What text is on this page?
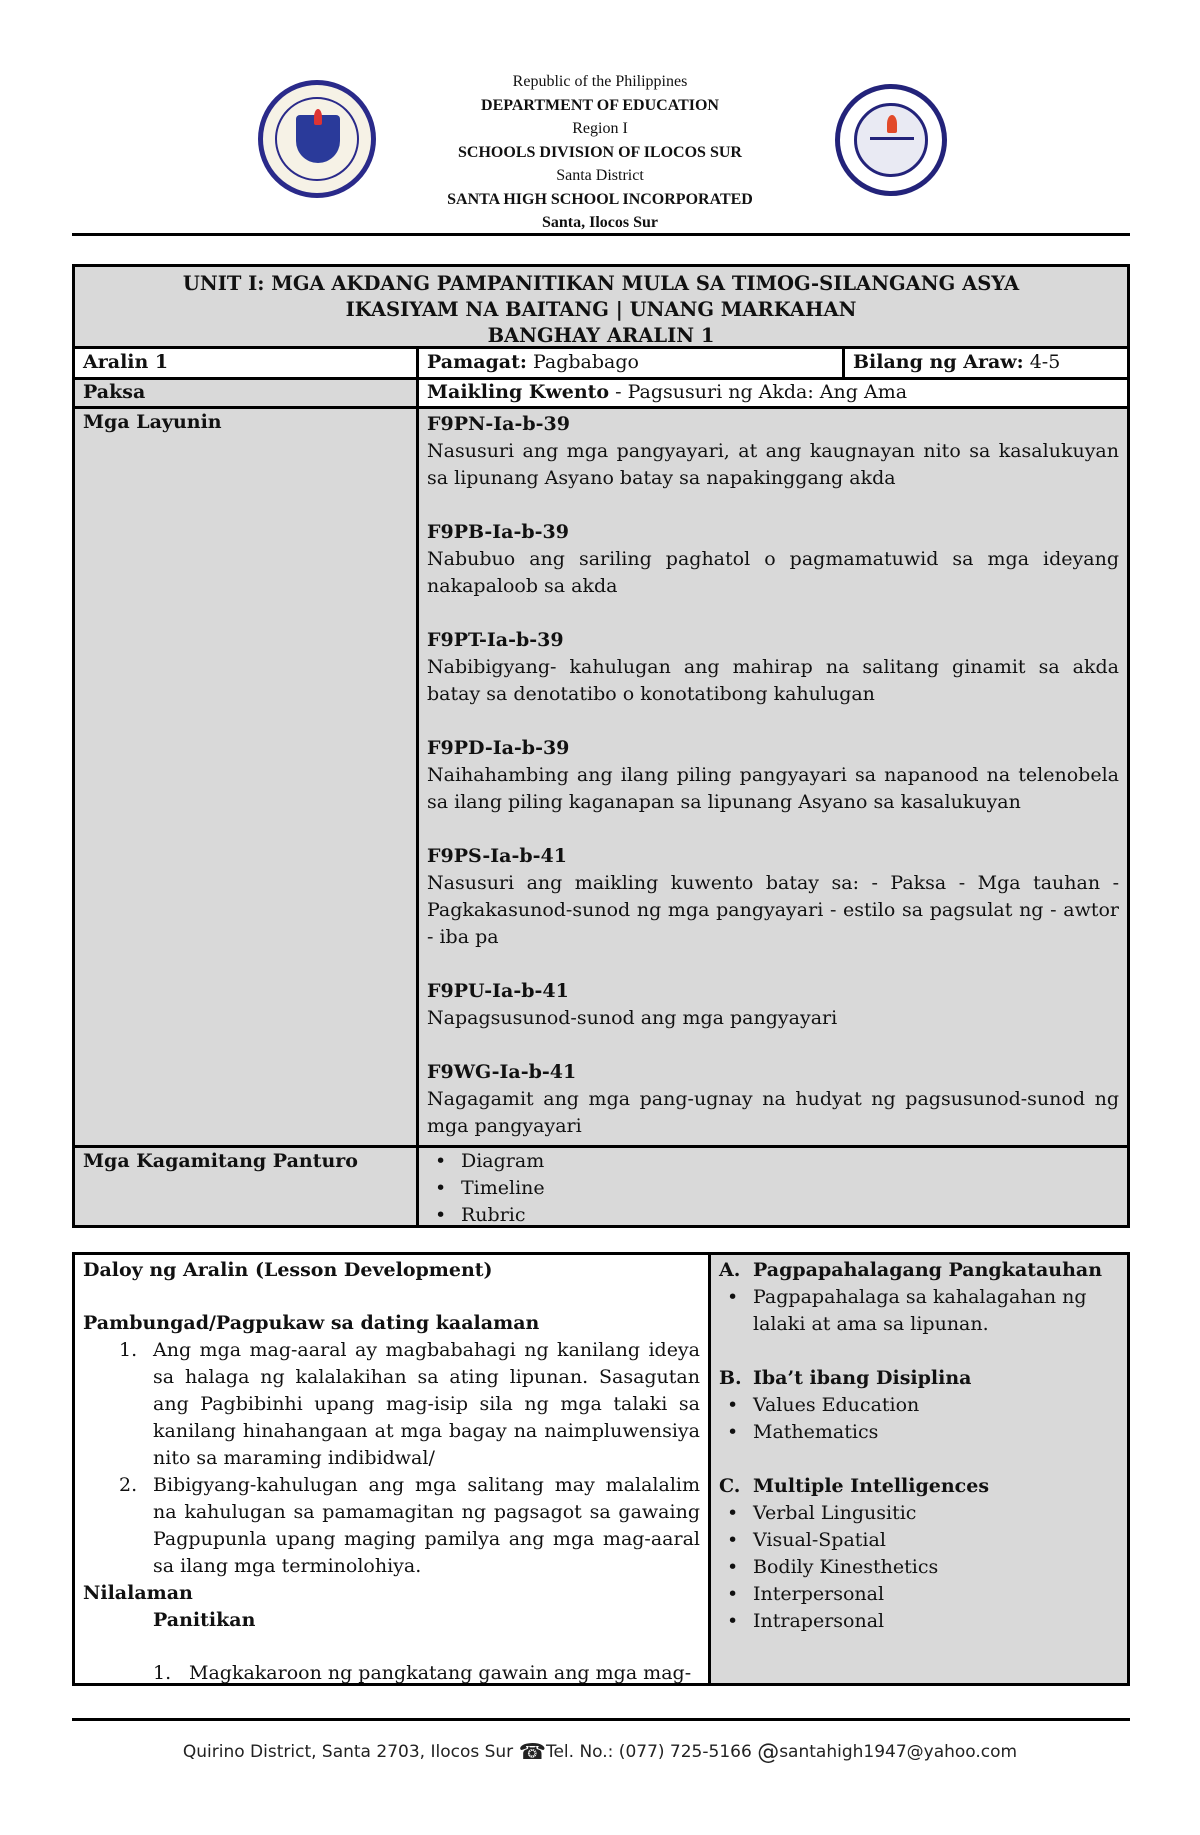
Republic of the Philippines
DEPARTMENT OF EDUCATION
Region I
SCHOOLS DIVISION OF ILOCOS SUR
Santa District
SANTA HIGH SCHOOL INCORPORATED
Santa, Ilocos Sur
UNIT I: MGA AKDANG PAMPANITIKAN MULA SA TIMOG-SILANGANG ASYA
IKASIYAM NA BAITANG | UNANG MARKAHAN
BANGHAY ARALIN 1
Aralin 1	Pamagat: Pagbabago	Bilang ng Araw: 4-5
Paksa	Maikling Kwento - Pagsusuri ng Akda: Ang Ama
Mga Layunin	F9PN-Ia-b-39
Nasusuri ang mga pangyayari, at ang kaugnayan nito sa kasalukuyan sa lipunang Asyano batay sa napakinggang akda
F9PB-Ia-b-39
Nabubuo ang sariling paghatol o pagmamatuwid sa mga ideyang nakapaloob sa akda
F9PT-Ia-b-39
Nabibigyang- kahulugan ang mahirap na salitang ginamit sa akda batay sa denotatibo o konotatibong kahulugan
F9PD-Ia-b-39
Naihahambing ang ilang piling pangyayari sa napanood na telenobela sa ilang piling kaganapan sa lipunang Asyano sa kasalukuyan
F9PS-Ia-b-41
Nasusuri ang maikling kuwento batay sa: - Paksa - Mga tauhan - Pagkakasunod-sunod ng mga pangyayari - estilo sa pagsulat ng - awtor - iba pa
F9PU-Ia-b-41
Napagsusunod-sunod ang mga pangyayari
F9WG-Ia-b-41
Nagagamit ang mga pang-ugnay na hudyat ng pagsusunod-sunod ng mga pangyayari
Mga Kagamitang Panturo	• Diagram
• Timeline
• Rubric
Daloy ng Aralin (Lesson Development)
Pambungad/Pagpukaw sa dating kaalaman
1. Ang mga mag-aaral ay magbabahagi ng kanilang ideya sa halaga ng kalalakihan sa ating lipunan. Sasagutan ang Pagbibinhi upang mag-isip sila ng mga talaki sa kanilang hinahangaan at mga bagay na naimpluwensiya nito sa maraming indibidwal/
2. Bibigyang-kahulugan ang mga salitang may malalalim na kahulugan sa pamamagitan ng pagsagot sa gawaing Pagpupunla upang maging pamilya ang mga mag-aaral sa ilang mga terminolohiya.
Nilalaman
Panitikan
1. Magkakaroon ng pangkatang gawain ang mga mag-
A. Pagpapahalagang Pangkatauhan
• Pagpapahalaga sa kahalagahan ng lalaki at ama sa lipunan.
B. Iba’t ibang Disiplina
• Values Education
• Mathematics
C. Multiple Intelligences
• Verbal Lingusitic
• Visual-Spatial
• Bodily Kinesthetics
• Interpersonal
• Intrapersonal
Quirino District, Santa 2703, Ilocos Sur ☎Tel. No.: (077) 725-5166 @santahigh1947@yahoo.com
